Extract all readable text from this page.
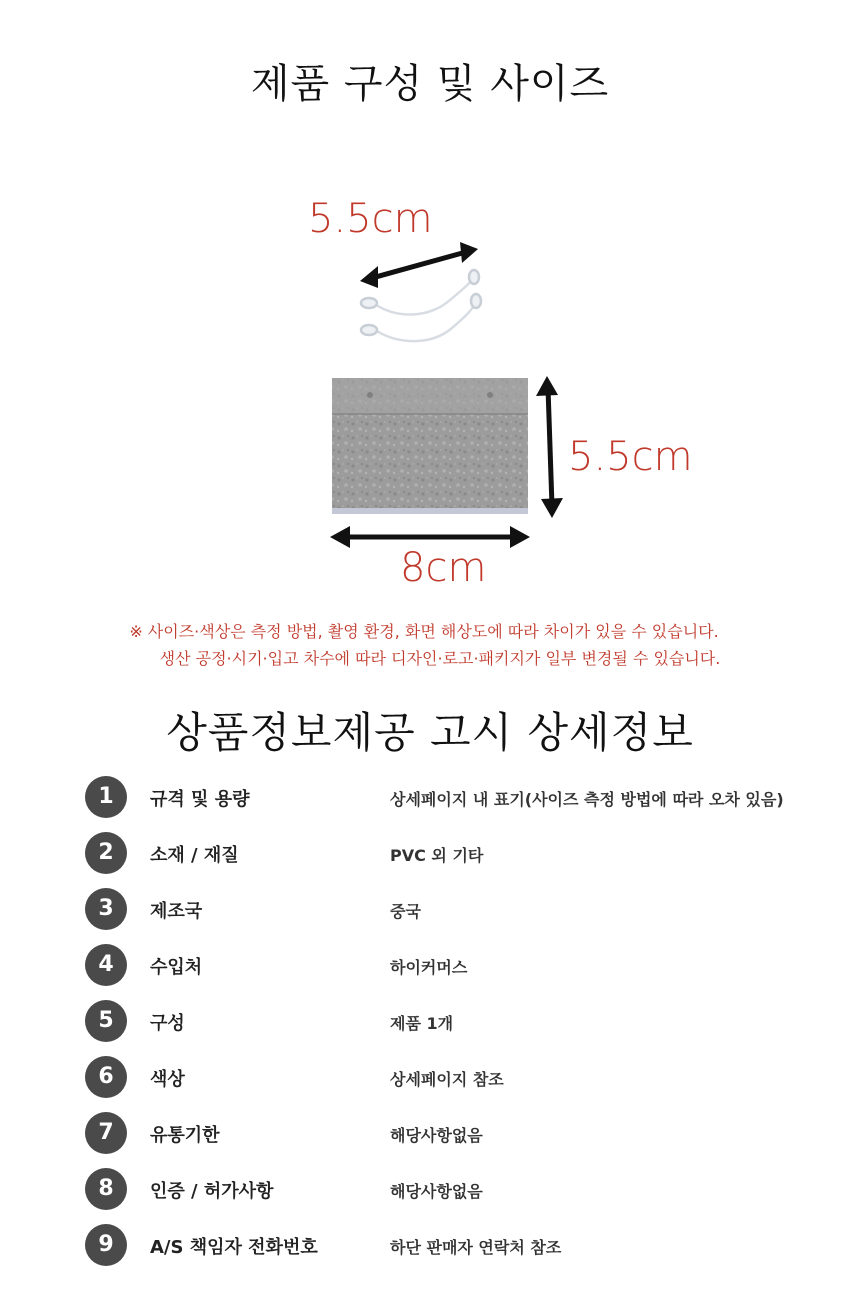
제품 구성 및 사이즈
5.5cm
5.5cm
8cm
※ 사이즈·색상은 측정 방법, 촬영 환경, 화면 해상도에 따라 차이가 있을 수 있습니다.
생산 공정·시기·입고 차수에 따라 디자인·로고·패키지가 일부 변경될 수 있습니다.
상품정보제공 고시 상세정보
1	규격 및 용량	상세페이지 내 표기(사이즈 측정 방법에 따라 오차 있음)
2	소재 / 재질	PVC 외 기타
3	제조국	중국
4	수입처	하이커머스
5	구성	제품 1개
6	색상	상세페이지 참조
7	유통기한	해당사항없음
8	인증 / 허가사항	해당사항없음
9	A/S 책임자 전화번호	하단 판매자 연락처 참조
